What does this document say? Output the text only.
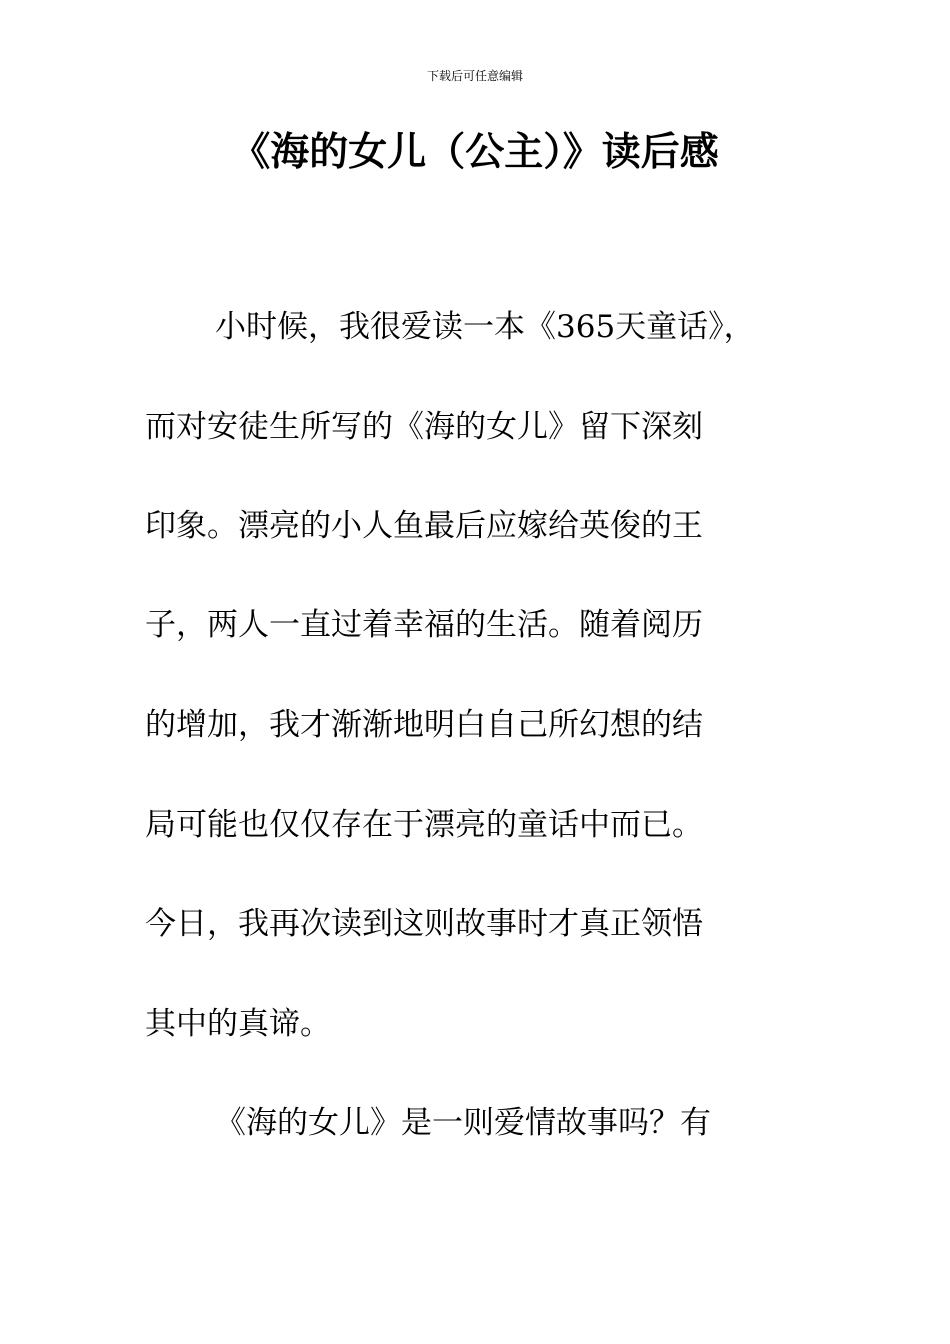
下载后可任意编辑
《海的女儿（公主）》读后感
小时候，我很爱读一本《365天童话》，
而对安徒生所写的《海的女儿》留下深刻
印象。漂亮的小人鱼最后应嫁给英俊的王
子，两人一直过着幸福的生活。随着阅历
的增加，我才渐渐地明白自己所幻想的结
局可能也仅仅存在于漂亮的童话中而已。
今日，我再次读到这则故事时才真正领悟
其中的真谛。
《海的女儿》是一则爱情故事吗？有
